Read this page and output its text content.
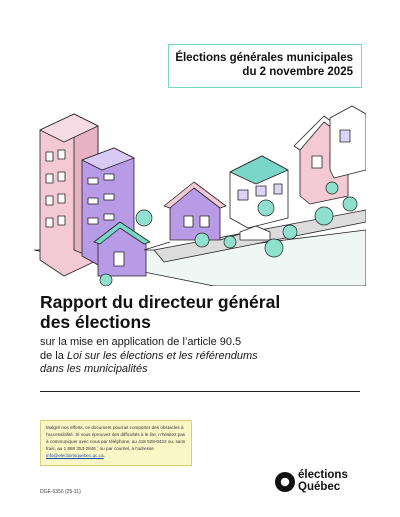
Élections générales municipales
du 2 novembre 2025
Rapport du directeur général
des élections
sur la mise en application de l’article 90.5
de la Loi sur les élections et les référendums
dans les municipalités
Malgré nos efforts, ce document pourrait comporter des obstacles à l’accessibilité. Si vous éprouvez des difficultés à le lire, n’hésitez pas à communiquer avec nous par téléphone, au 418 528-0422 ou, sans frais, au 1 888 353-2846 ; ou par courriel, à l’adresse info@electionsquebec.qc.ca.
DGE-6356 (25-11)
élections
Québec
